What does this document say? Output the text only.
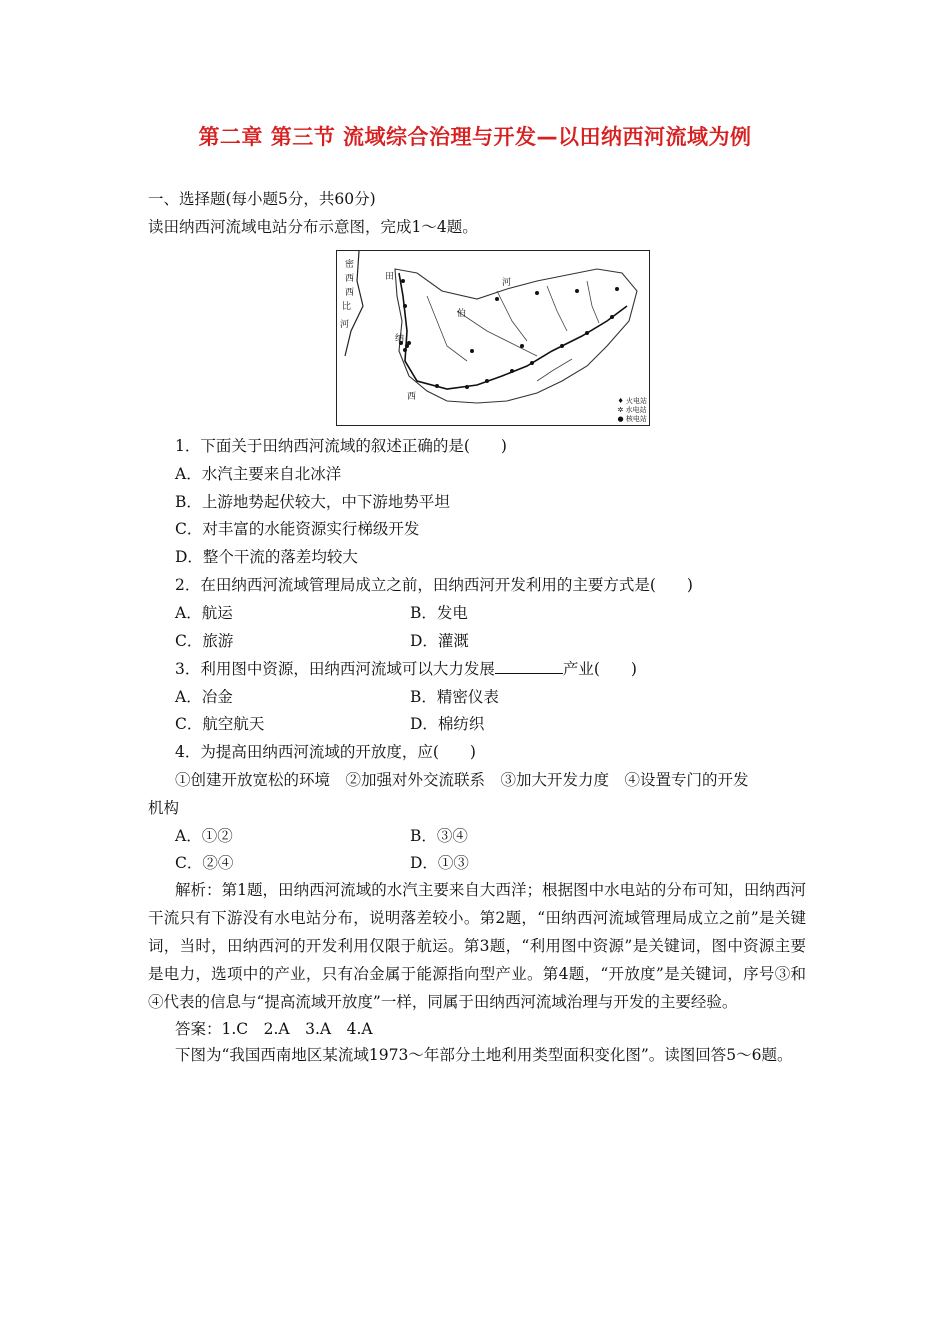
第二章 第三节 流域综合治理与开发—以田纳西河流域为例
一、选择题(每小题5分，共60分)
读田纳西河流域电站分布示意图，完成1～4题。
密
西
西
比
河
田
伯
河
纳
西	♦ 火电站
✲ 水电站
● 核电站
1．下面关于田纳西河流域的叙述正确的是(　　)
A．水汽主要来自北冰洋
B．上游地势起伏较大，中下游地势平坦
C．对丰富的水能资源实行梯级开发
D．整个干流的落差均较大
2．在田纳西河流域管理局成立之前，田纳西河开发利用的主要方式是(　　)
A．航运	B．发电
C．旅游	D．灌溉
3．利用图中资源，田纳西河流域可以大力发展	产业(　　)
A．冶金	B．精密仪表
C．航空航天	D．棉纺织
4．为提高田纳西河流域的开放度，应(　　)
①创建开放宽松的环境　②加强对外交流联系　③加大开发力度　④设置专门的开发
机构
A．①②	B．③④
C．②④	D．①③
解析：第1题，田纳西河流域的水汽主要来自大西洋；根据图中水电站的分布可知，田纳西河干流只有下游没有水电站分布，说明落差较小。第2题，“田纳西河流域管理局成立之前”是关键词，当时，田纳西河的开发利用仅限于航运。第3题，“利用图中资源”是关键词，图中资源主要是电力，选项中的产业，只有冶金属于能源指向型产业。第4题，“开放度”是关键词，序号③和④代表的信息与“提高流域开放度”一样，同属于田纳西河流域治理与开发的主要经验。
答案：1.C　2.A　3.A　4.A
下图为“我国西南地区某流域1973～年部分土地利用类型面积变化图”。读图回答5～6题。
